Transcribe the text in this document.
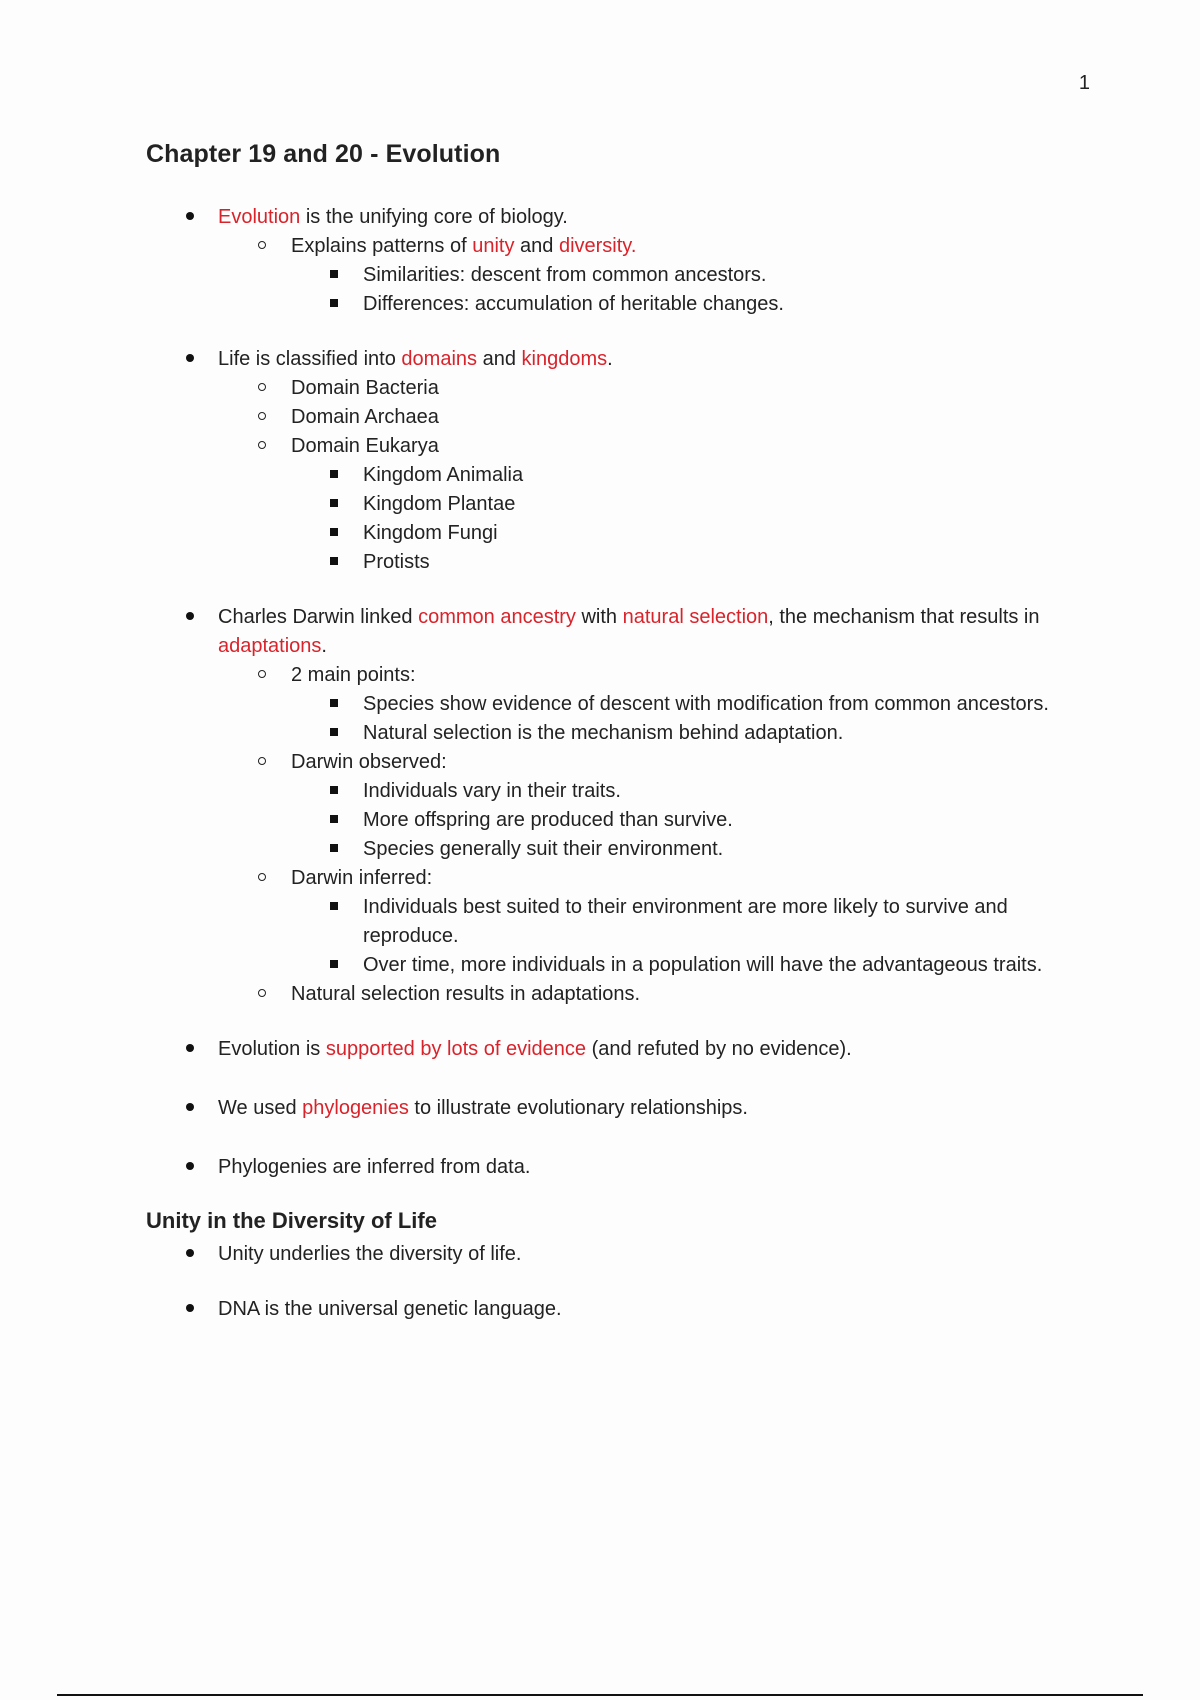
1
Chapter 19 and 20 - Evolution
Evolution is the unifying core of biology.
Explains patterns of unity and diversity.
Similarities: descent from common ancestors.
Differences: accumulation of heritable changes.
Life is classified into domains and kingdoms.
Domain Bacteria
Domain Archaea
Domain Eukarya
Kingdom Animalia
Kingdom Plantae
Kingdom Fungi
Protists
Charles Darwin linked common ancestry with natural selection, the mechanism that results in adaptations.
2 main points:
Species show evidence of descent with modification from common ancestors.
Natural selection is the mechanism behind adaptation.
Darwin observed:
Individuals vary in their traits.
More offspring are produced than survive.
Species generally suit their environment.
Darwin inferred:
Individuals best suited to their environment are more likely to survive and reproduce.
Over time, more individuals in a population will have the advantageous traits.
Natural selection results in adaptations.
Evolution is supported by lots of evidence (and refuted by no evidence).
We used phylogenies to illustrate evolutionary relationships.
Phylogenies are inferred from data.
Unity in the Diversity of Life
Unity underlies the diversity of life.
DNA is the universal genetic language.
